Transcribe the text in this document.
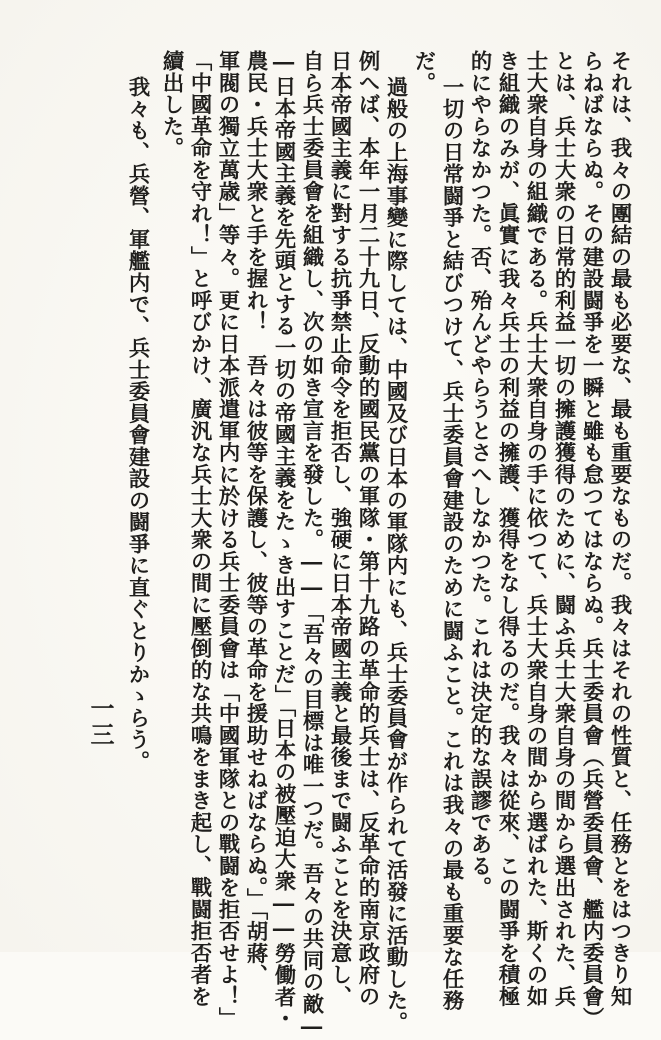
それは、我々の團結の最も必要な、最も重要なものだ。我々はそれの性質と、任務とをはつきり知
らねばならぬ。その建設闘爭を一瞬と雖も怠つてはならぬ。兵士委員會（兵營委員會、艦内委員會）
とは、兵士大衆の日常的利益一切の擁護獲得のために、闘ふ兵士大衆自身の間から選出された、兵
士大衆自身の組織である。兵士大衆自身の手に依つて、兵士大衆自身の間から選ばれた、斯くの如
き組織のみが、眞實に我々兵士の利益の擁護、獲得をなし得るのだ。我々は從來、この闘爭を積極
的にやらなかつた。否、殆んどやらうとさへしなかつた。これは決定的な誤謬である。
一切の日常闘爭と結びつけて、兵士委員會建設のために闘ふこと。これは我々の最も重要な任務
だ。
過般の上海事變に際しては、中國及び日本の軍隊内にも、兵士委員會が作られて活發に活動した。
例へば、本年一月二十九日、反動的國民黨の軍隊・第十九路の革命的兵士は、反革命的南京政府の
日本帝國主義に對する抗爭禁止命令を拒否し、強硬に日本帝國主義と最後まで闘ふことを決意し、
自ら兵士委員會を組織し、次の如き宣言を發した。――「吾々の目標は唯一つだ。吾々の共同の敵―
―日本帝國主義を先頭とする一切の帝國主義をたゝき出すことだ」「日本の被壓迫大衆――勞働者・
農民・兵士大衆と手を握れ！　吾々は彼等を保護し、彼等の革命を援助せねばならぬ。」「胡蔣、
軍閥の獨立萬歳」等々。更に日本派遣軍内に於ける兵士委員會は「中國軍隊との戰闘を拒否せよ！」
「中國革命を守れ！」と呼びかけ、廣汎な兵士大衆の間に壓倒的な共鳴をまき起し、戰闘拒否者を
續出した。
我々も、兵營、軍艦内で、兵士委員會建設の闘爭に直ぐとりかゝらう。
一三
